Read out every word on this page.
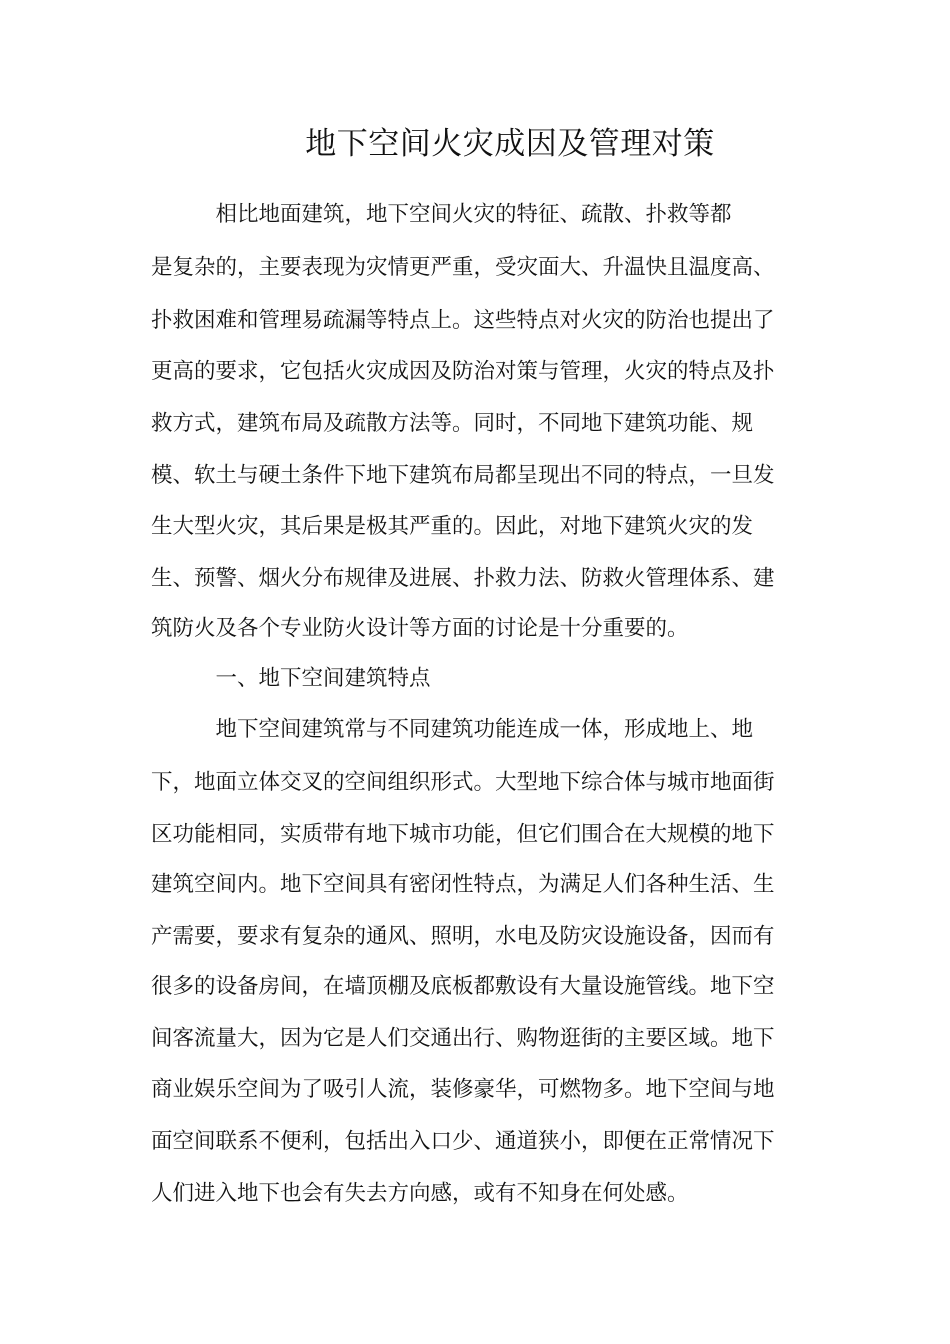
地下空间火灾成因及管理对策
　　　相比地面建筑，地下空间火灾的特征、疏散、扑救等都
是复杂的，主要表现为灾情更严重，受灾面大、升温快且温度高、
扑救困难和管理易疏漏等特点上。这些特点对火灾的防治也提出了
更高的要求，它包括火灾成因及防治对策与管理，火灾的特点及扑
救方式，建筑布局及疏散方法等。同时，不同地下建筑功能、规
模、软土与硬土条件下地下建筑布局都呈现出不同的特点，一旦发
生大型火灾，其后果是极其严重的。因此，对地下建筑火灾的发
生、预警、烟火分布规律及进展、扑救力法、防救火管理体系、建
筑防火及各个专业防火设计等方面的讨论是十分重要的。
　　　一、地下空间建筑特点
　　　地下空间建筑常与不同建筑功能连成一体，形成地上、地
下，地面立体交叉的空间组织形式。大型地下综合体与城市地面街
区功能相同，实质带有地下城市功能，但它们围合在大规模的地下
建筑空间内。地下空间具有密闭性特点，为满足人们各种生活、生
产需要，要求有复杂的通风、照明，水电及防灾设施设备，因而有
很多的设备房间，在墙顶棚及底板都敷设有大量设施管线。地下空
间客流量大，因为它是人们交通出行、购物逛街的主要区域。地下
商业娱乐空间为了吸引人流，装修豪华，可燃物多。地下空间与地
面空间联系不便利，包括出入口少、通道狭小，即便在正常情况下
人们进入地下也会有失去方向感，或有不知身在何处感。
